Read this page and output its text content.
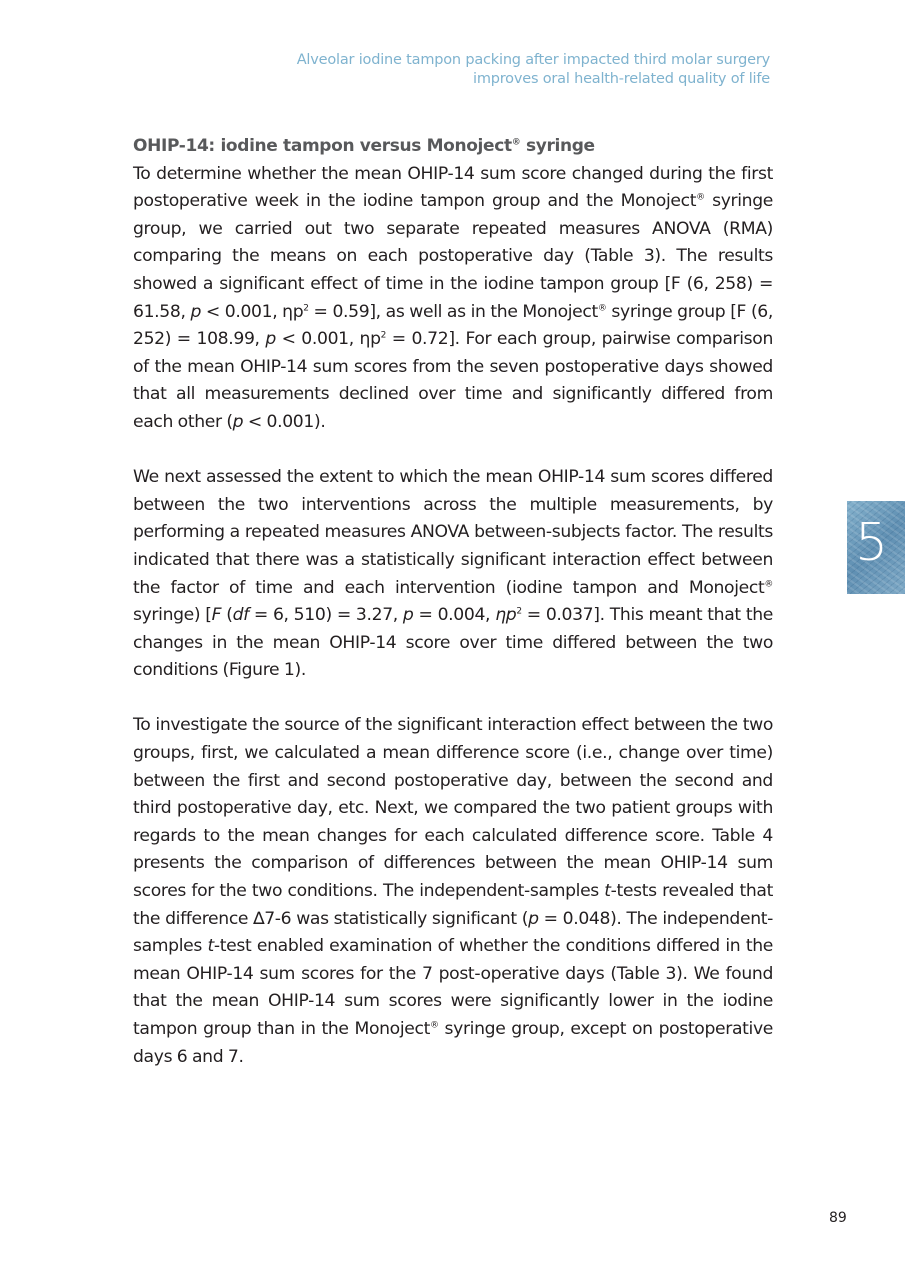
Alveolar iodine tampon packing after impacted third molar surgery
improves oral health-related quality of life
OHIP-14: iodine tampon versus Monoject® syringe

To determine whether the mean OHIP-14 sum score changed during the first postoperative week in the iodine tampon group and the Monoject® syringe group, we carried out two separate repeated measures ANOVA (RMA) comparing the means on each postoperative day (Table 3). The results showed a significant effect of time in the iodine tampon group [F (6, 258) = 61.58, p < 0.001, $\eta p^2 = 0.59$], as well as in the Monoject® syringe group [F (6, 252) = 108.99, p < 0.001, $\eta p^2 = 0.72$]. For each group, pairwise comparison of the mean OHIP-14 sum scores from the seven postoperative days showed that all measurements declined over time and significantly differed from each other (p < 0.001).

We next assessed the extent to which the mean OHIP-14 sum scores differed between the two interventions across the multiple measurements, by performing a repeated measures ANOVA between-subjects factor. The results indicated that there was a statistically significant interaction effect between the factor of time and each intervention (iodine tampon and Monoject® syringe) [F (df = 6, 510) = 3.27, p = 0.004, $\eta p^2 = 0.037$]. This meant that the changes in the mean OHIP-14 score over time differed between the two conditions (Figure 1).

To investigate the source of the significant interaction effect between the two groups, first, we calculated a mean difference score (i.e., change over time) between the first and second postoperative day, between the second and third postoperative day, etc. Next, we compared the two patient groups with regards to the mean changes for each calculated difference score. Table 4 presents the comparison of differences between the mean OHIP-14 sum scores for the two conditions. The independent-samples t-tests revealed that the difference ∆7-6 was statistically significant (p = 0.048). The independent-samples t-test enabled examination of whether the conditions differed in the mean OHIP-14 sum scores for the 7 post-operative days (Table 3). We found that the mean OHIP-14 sum scores were significantly lower in the iodine tampon group than in the Monoject® syringe group, except on postoperative days 6 and 7.

5
89
